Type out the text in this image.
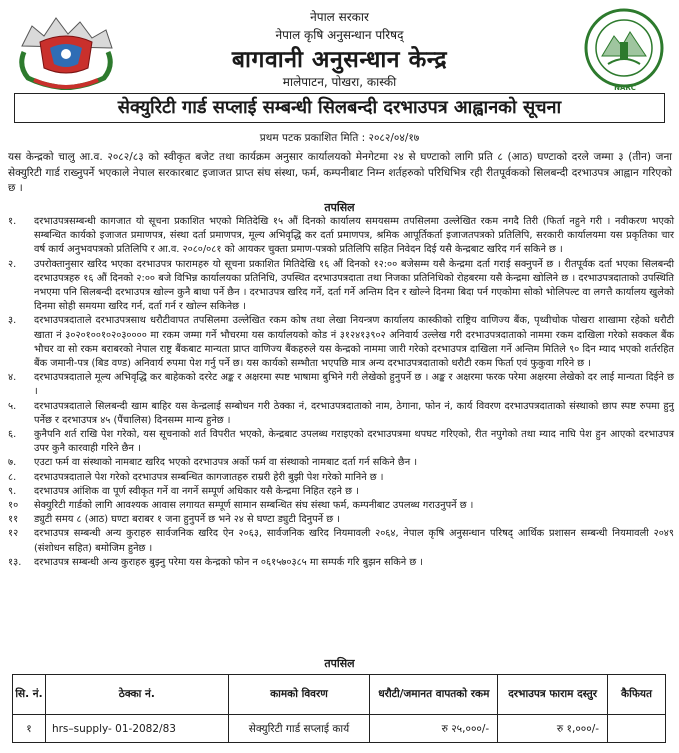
NARC
नेपाल सरकार
नेपाल कृषि अनुसन्धान परिषद्
बागवानी अनुसन्धान केन्द्र
मालेपाटन, पोखरा, कास्की
सेक्युरिटी गार्ड सप्लाई सम्बन्धी सिलबन्दी दरभाउपत्र आह्वानको सूचना
प्रथम पटक प्रकाशित मिति : २०८२/०४/१७
यस केन्द्रको चालु आ.व. २०८२/८३ को स्वीकृत बजेट तथा कार्यक्रम अनुसार कार्यालयको मेनगेटमा २४ से घण्टाको लागि प्रति ८ (आठ) घण्टाको दरले जम्मा ३ (तीन) जना सेक्युरिटी गार्ड राख्नुपर्ने भएकाले नेपाल सरकारबाट इजाजत प्राप्त संघ संस्था, फर्म, कम्पनीबाट निम्न शर्तहरुको परिधिभित्र रही रीतपूर्वकको सिलबन्दी दरभाउपत्र आह्वान गरिएको छ ।
तपसिल
१.	दरभाउपत्रसम्बन्धी कागजात यो सूचना प्रकाशित भएको मितिदेखि १५ औं दिनको कार्यालय समयसम्म तपसिलमा उल्लेखित रकम नगदै तिरी (फिर्ता नहुने गरी । नवीकरण भएको सम्बन्धित कार्यको इजाजत प्रमाणपत्र, संस्था दर्ता प्रमाणपत्र, मूल्य अभिवृद्धि कर दर्ता प्रमाणपत्र, श्रमिक आपूर्तिकर्ता इजाजतपत्रको प्रतिलिपि, सरकारी कार्यालयमा यस प्रकृतिका चार वर्ष कार्य अनुभवपत्रको प्रतिलिपि र आ.व. २०८०/०८१ को आयकर चुक्ता प्रमाण-पत्रको प्रतिलिपि सहित निवेदन दिई यसै केन्द्रबाट खरिद गर्न सकिने छ ।
२.	उपरोक्तानुसार खरिद भएका दरभाउपत्र फारामहरु यो सूचना प्रकाशित मितिदेखि १६ औं दिनको १२:०० बजेसम्म यसै केन्द्रमा दर्ता गराई सक्नुपर्ने छ । रीतपूर्वक दर्ता भएका सिलबन्दी दरभाउपत्रहरु १६ औं दिनको २:०० बजे विभिन्न कार्यालयका प्रतिनिधि, उपस्थित दरभाउपत्रदाता तथा निजका प्रतिनिधिको रोहबरमा यसै केन्द्रमा खोलिने छ । दरभाउपत्रदाताको उपस्थिति नभएमा पनि सिलबन्दी दरभाउपत्र खोल्न कुनै बाधा पर्ने छैन । दरभाउपत्र खरिद गर्ने, दर्ता गर्ने अन्तिम दिन र खोल्ने दिनमा बिदा पर्न गएकोमा सोको भोलिपल्ट वा लगत्तै कार्यालय खुलेको दिनमा सोही समयमा खरिद गर्न, दर्ता गर्न र खोल्न सकिनेछ ।
३.	दरभाउपत्रदाताले दरभाउपत्रसाथ धरौटीवापत तपसिलमा उल्लेखित रकम कोष तथा लेखा नियन्त्रण कार्यालय कास्कीको राष्ट्रिय वाणिज्य बैंक, पृथ्वीचोक पोखरा शाखामा रहेको धरौटी खाता नं ३०२०१००१०२०३०००० मा रकम जम्मा गर्ने भौचरमा यस कार्यालयको कोड नं ३१२४१३९०२ अनिवार्य उल्लेख गरी दरभाउपत्रदाताको नाममा रकम दाखिला गरेको सक्कल बैंक भौचर वा सो रकम बराबरको नेपाल राष्ट्र बैंकबाट मान्यता प्राप्त वाणिज्य बैंकहरुले यस केन्द्रको नाममा जारी गरेको दरभाउपत्र दाखिला गर्ने अन्तिम मितिले ९० दिन म्याद भएको शर्तरहित बैंक जमानी-पत्र (बिड वण्ड) अनिवार्य रुपमा पेश गर्नु पर्ने छ। यस कार्यको सम्भौता भएपछि मात्र अन्य दरभाउपत्रदाताको धरौटी रकम फिर्ता एवं फुकुवा गरिने छ ।
४.	दरभाउपत्रदाताले मूल्य अभिवृद्धि कर बाहेकको दररेट अङ्क र अक्षरमा स्पष्ट भाषामा बुभिने गरी लेखेको हुनुपर्ने छ । अङ्क र अक्षरमा फरक परेमा अक्षरमा लेखेको दर लाई मान्यता दिईने छ ।
५.	दरभाउपत्रदाताले सिलबन्दी खाम बाहिर यस केन्द्रलाई सम्बोधन गरी ठेक्का नं, दरभाउपत्रदाताको नाम, ठेगाना, फोन नं, कार्य विवरण दरभाउपत्रदाताको संस्थाको छाप स्पष्ट रुपमा हुनु पर्नेछ र दरभाउपत्र ४५ (पैंचालिस) दिनसम्म मान्य हुनेछ ।
६.	कुनैपनि शर्त राखि पेश गरेको, यस सूचनाको शर्त विपरीत भएको, केन्द्रबाट उपलब्ध गराइएको दरभाउपत्रमा थपघट गरिएको, रीत नपुगेको तथा म्याद नाघि पेश हुन आएको दरभाउपत्र उपर कुनै कारवाही गरिने छैन ।
७.	एउटा फर्म वा संस्थाको नामबाट खरिद भएको दरभाउपत्र अर्को फर्म वा संस्थाको नामबाट दर्ता गर्न सकिने छैन ।
८.	दरभाउपत्रदाताले पेश गरेको दरभाउपत्र सम्बन्धित कागजातहरु राम्ररी हेरी बुझी पेश गरेको मानिने छ ।
९.	दरभाउपत्र आंशिक वा पूर्ण स्वीकृत गर्ने वा नगर्ने सम्पूर्ण अधिकार यसै केन्द्रमा निहित रहने छ ।
१०	सेक्युरिटी गार्डको लागि आवश्यक आवास लगायत सम्पूर्ण सामान सम्बन्धित संघ संस्था फर्म, कम्पनीबाट उपलब्ध गराउनुपर्ने छ ।
११	ड्युटी समय ८ (आठ) घण्टा बराबर १ जना हुनुपर्ने छ भने २४ से घण्टा ड्युटी दिनुपर्ने छ ।
१२	दरभाउपत्र सम्बन्धी अन्य कुराहरु सार्वजनिक खरिद ऐन २०६३, सार्वजनिक खरिद नियमावली २०६४, नेपाल कृषि अनुसन्धान परिषद् आर्थिक प्रशासन सम्बन्धी नियमावली २०४९ (संशोधन सहित) बमोजिम हुनेछ ।
१३.	दरभाउपत्र सम्बन्धी अन्य कुराहरु बुझ्नु परेमा यस केन्द्रको फोन न ०६१५७०३८५ मा सम्पर्क गरि बुझन सकिने छ ।
तपसिल
सि. नं.	ठेक्का नं.	कामको विवरण	धरौटी/जमानत वापतको रकम	दरभाउपत्र फाराम दस्तुर	कैफियत
१	hrs–supply- 01-2082/83	सेक्युरिटी गार्ड सप्लाई कार्य	रु २५,०००/-	रु १,०००/-	
